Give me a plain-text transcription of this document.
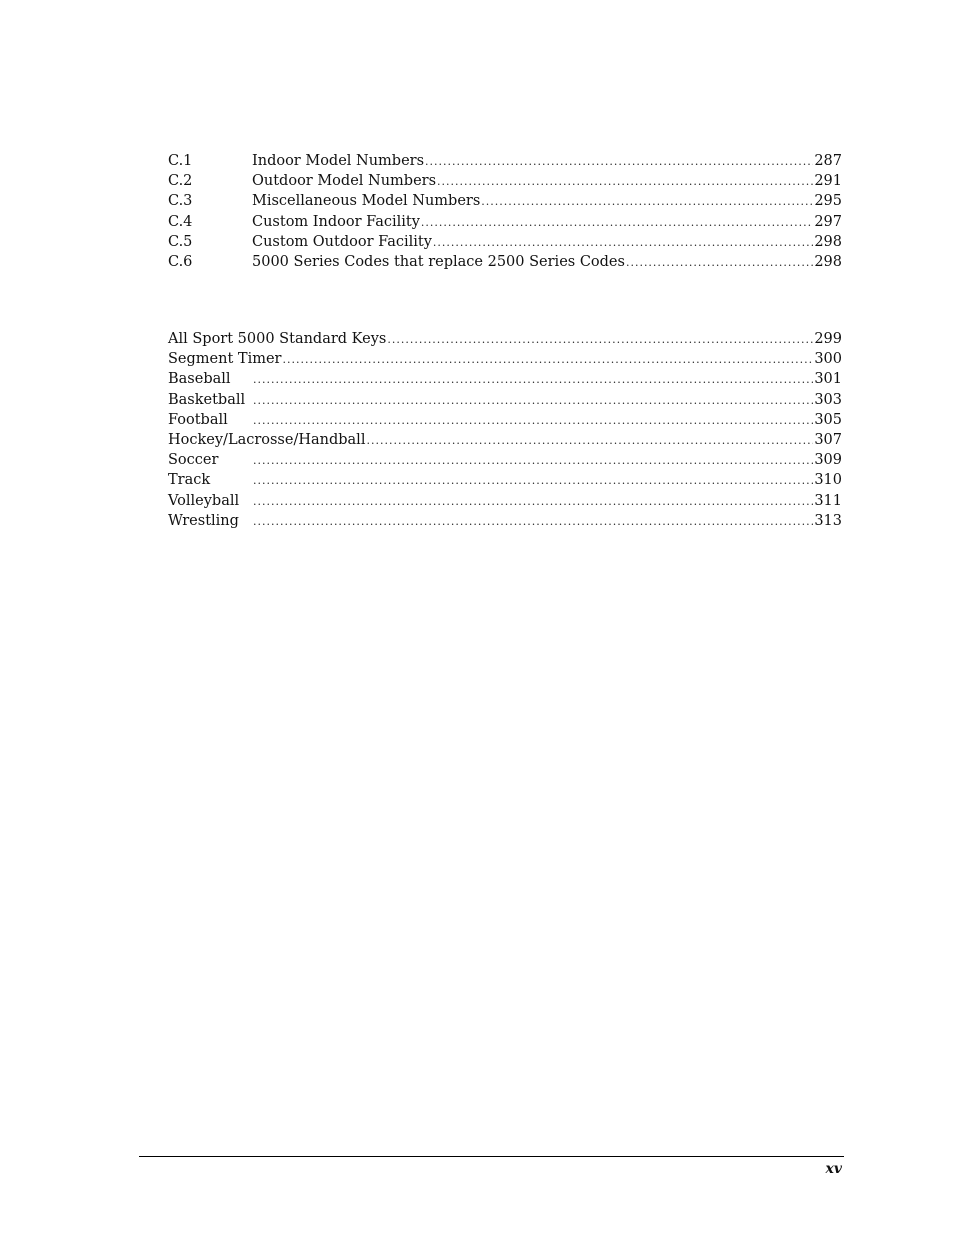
C.1	Indoor Model Numbers .....	287
C.2	Outdoor Model Numbers .....	291
C.3	Miscellaneous Model Numbers .....	295
C.4	Custom Indoor Facility .....	297
C.5	Custom Outdoor Facility .....	298
C.6	5000 Series Codes that replace 2500 Series Codes .....	298
All Sport 5000 Standard Keys .....	299
Segment Timer .....	300
Baseball .....	301
Basketball .....	303
Football .....	305
Hockey/Lacrosse/Handball .....	307
Soccer .....	309
Track .....	310
Volleyball .....	311
Wrestling .....	313
xv
